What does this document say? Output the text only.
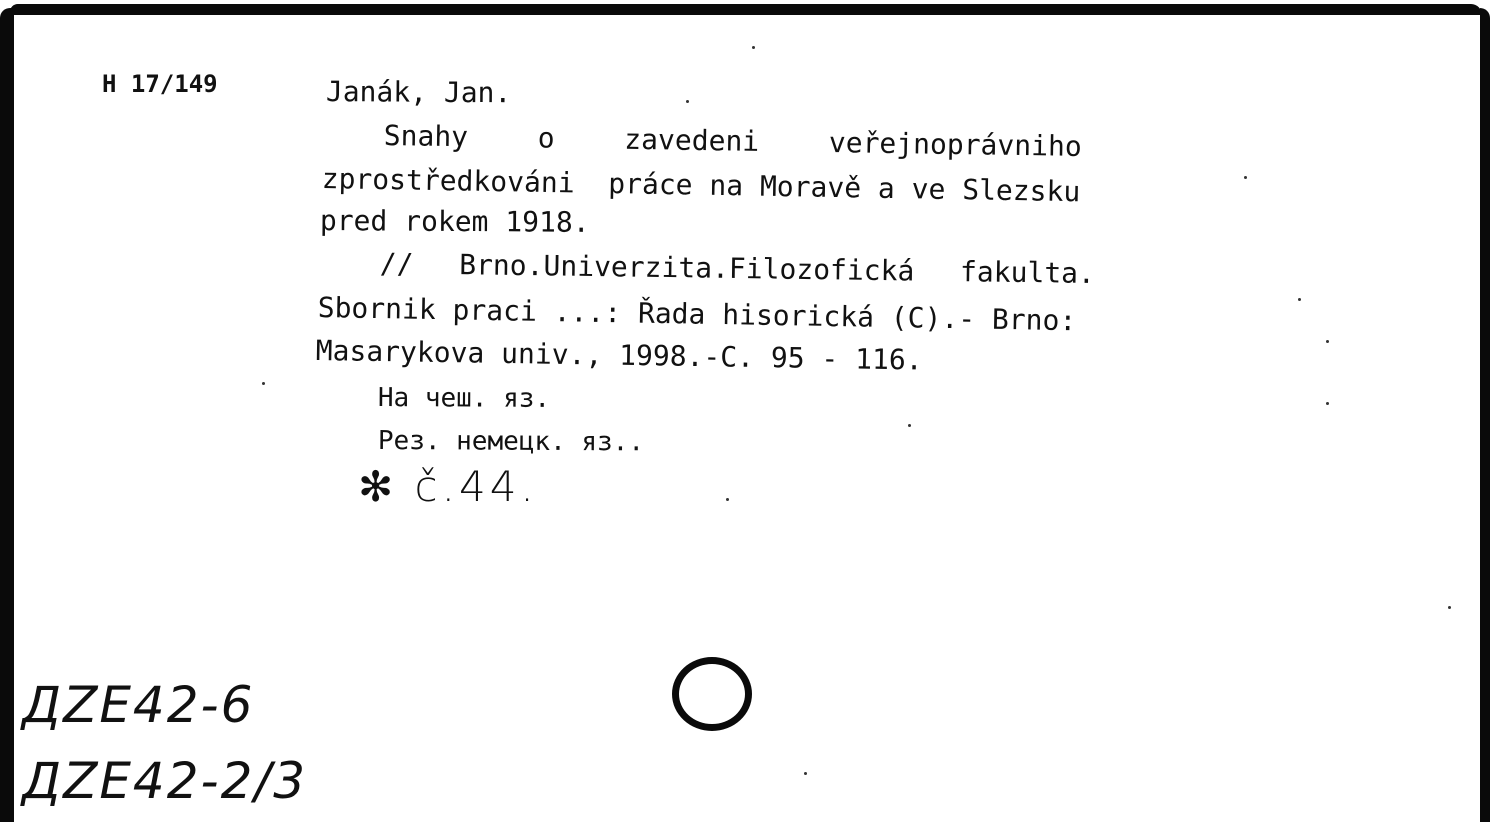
H 17/149	Janák, Jan.
Snahy  o  zavedeni  veřejnoprávniho
zprostředkováni  práce na Moravě a ve Slezsku
pred rokem 1918.
//  Brno.Univerzita.Filozofická  fakulta.
Sbornik praci ...: Řada hisorická (C).- Brno:
Masarykova univ., 1998.-C. 95 - 116.
На чеш. яз.
Рез. немецк. яз..
✻ č.44.
ДZE42-6
ДZE42-2/3
